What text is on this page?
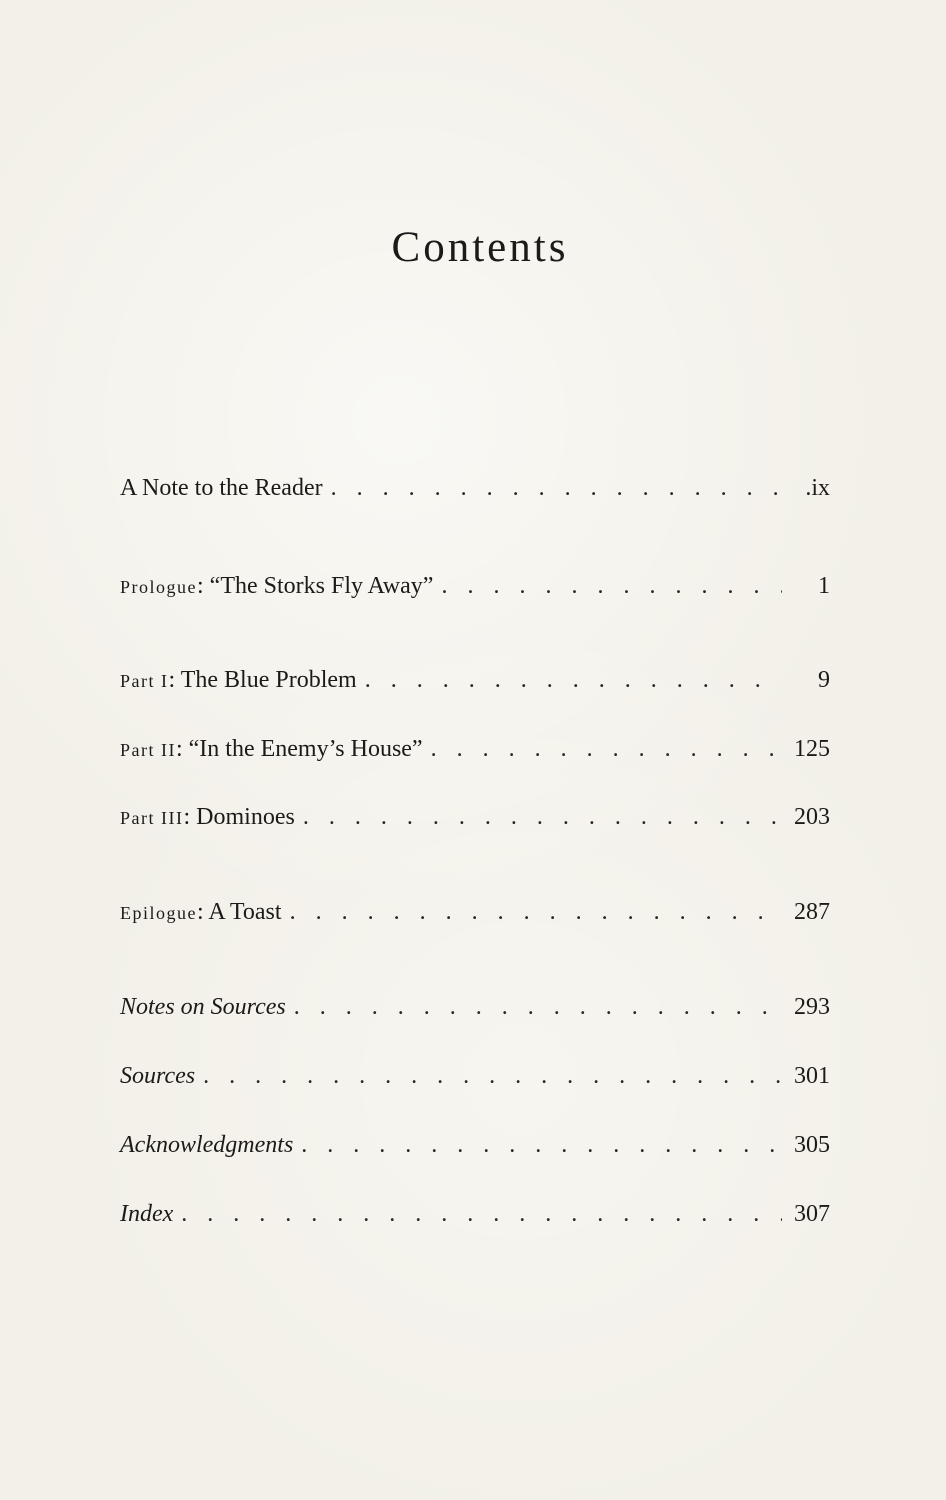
Contents
A Note to the Reader . . .	.ix
Prologue: “The Storks Fly Away” . . .	1
Part I: The Blue Problem . . .	9
Part II: “In the Enemy’s House” . . .	125
Part III: Dominoes . . .	203
Epilogue: A Toast . . .	287
Notes on Sources . . .	293
Sources . . .	301
Acknowledgments . . .	305
Index . . .	307
